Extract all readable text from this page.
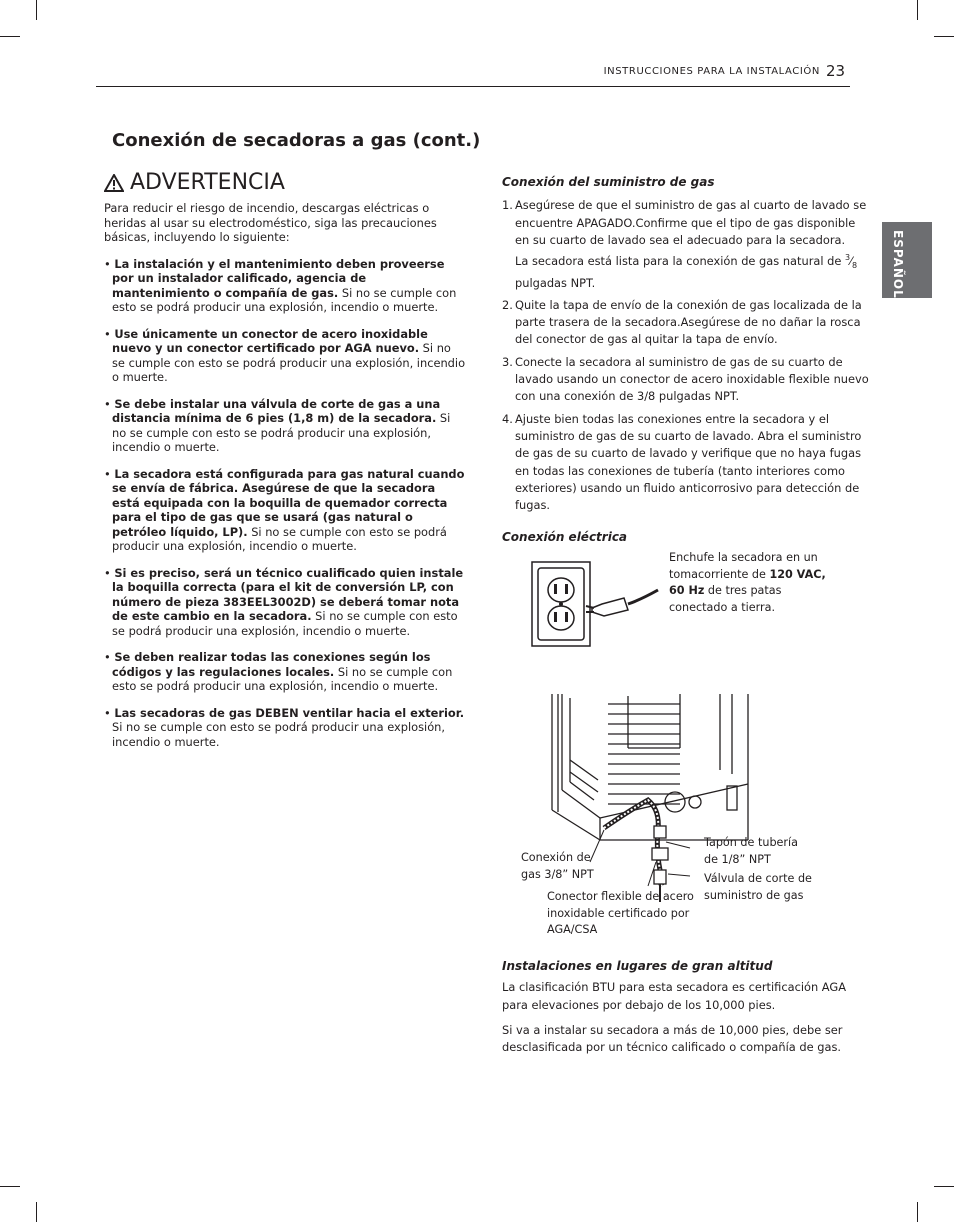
INSTRUCCIONES PARA LA INSTALACIÓN 23
ESPAÑOL
Conexión de secadoras a gas (cont.)
ADVERTENCIA

Para reducir el riesgo de incendio, descargas eléctricas o heridas al usar su electrodoméstico, siga las precauciones básicas, incluyendo lo siguiente:

• La instalación y el mantenimiento deben proveerse por un instalador calificado, agencia de mantenimiento o compañía de gas. Si no se cumple con esto se podrá producir una explosión, incendio o muerte.
• Use únicamente un conector de acero inoxidable nuevo y un conector certificado por AGA nuevo. Si no se cumple con esto se podrá producir una explosión, incendio o muerte.
• Se debe instalar una válvula de corte de gas a una distancia mínima de 6 pies (1,8 m) de la secadora. Si no se cumple con esto se podrá producir una explosión, incendio o muerte.
• La secadora está configurada para gas natural cuando se envía de fábrica. Asegúrese de que la secadora está equipada con la boquilla de quemador correcta para el tipo de gas que se usará (gas natural o petróleo líquido, LP). Si no se cumple con esto se podrá producir una explosión, incendio o muerte.
• Si es preciso, será un técnico cualificado quien instale la boquilla correcta (para el kit de conversión LP, con número de pieza 383EEL3002D) se deberá tomar nota de este cambio en la secadora. Si no se cumple con esto se podrá producir una explosión, incendio o muerte.
• Se deben realizar todas las conexiones según los códigos y las regulaciones locales. Si no se cumple con esto se podrá producir una explosión, incendio o muerte.
• Las secadoras de gas DEBEN ventilar hacia el exterior. Si no se cumple con esto se podrá producir una explosión, incendio o muerte.
Conexión del suministro de gas
1. Asegúrese de que el suministro de gas al cuarto de lavado se encuentre APAGADO.Confirme que el tipo de gas disponible en su cuarto de lavado sea el adecuado para la secadora.
La secadora está lista para la conexión de gas natural de $^3⁄_8$ pulgadas NPT.
2. Quite la tapa de envío de la conexión de gas localizada de la parte trasera de la secadora.Asegúrese de no dañar la rosca del conector de gas al quitar la tapa de envío.
3. Conecte la secadora al suministro de gas de su cuarto de lavado usando un conector de acero inoxidable flexible nuevo con una conexión de 3/8 pulgadas NPT.
4. Ajuste bien todas las conexiones entre la secadora y el suministro de gas de su cuarto de lavado. Abra el suministro de gas de su cuarto de lavado y verifique que no haya fugas en todas las conexiones de tubería (tanto interiores como exteriores) usando un fluido anticorrosivo para detección de fugas.
Conexión eléctrica
Enchufe la secadora en un tomacorriente de 120 VAC, 60 Hz de tres patas conectado a tierra.
Conexión de gas 3/8” NPT
Tapón de tubería de 1/8” NPT
Válvula de corte de suministro de gas
Conector flexible de acero inoxidable certificado por AGA/CSA
Instalaciones en lugares de gran altitud

La clasificación BTU para esta secadora es certificación AGA para elevaciones por debajo de los 10,000 pies.

Si va a instalar su secadora a más de 10,000 pies, debe ser desclasificada por un técnico calificado o compañía de gas.
